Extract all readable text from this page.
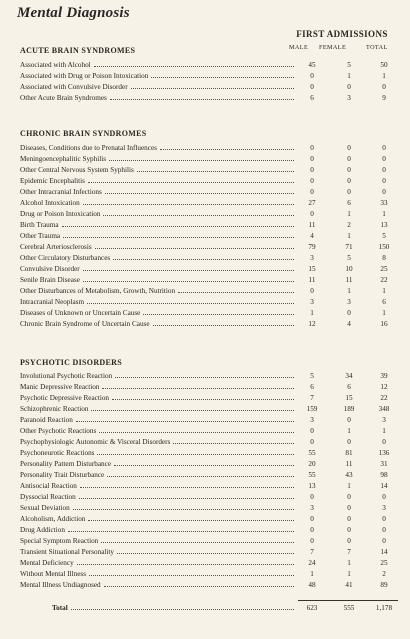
Mental Diagnosis
FIRST ADMISSIONS
MALE FEMALE	TOTAL
ACUTE BRAIN SYNDROMES
Associated with Alcohol	45	5	50
Associated with Drug or Poison Intoxication	0	1	1
Associated with Convulsive Disorder	0	0	0
Other Acute Brain Syndromes	6	3	9
CHRONIC BRAIN SYNDROMES
Diseases, Conditions due to Prenatal Influences	0	0	0
Meningoencephalitic Syphilis	0	0	0
Other Central Nervous System Syphilis	0	0	0
Epidemic Encephalitis	0	0	0
Other Intracranial Infections	0	0	0
Alcohol Intoxication	27	6	33
Drug or Poison Intoxication	0	1	1
Birth Trauma	11	2	13
Other Trauma	4	1	5
Cerebral Arteriosclerosis	79	71	150
Other Circulatory Disturbances	3	5	8
Convulsive Disorder	15	10	25
Senile Brain Disease	11	11	22
Other Disturbances of Metabolism, Growth, Nutrition	0	1	1
Intracranial Neoplasm	3	3	6
Diseases of Unknown or Uncertain Cause	1	0	1
Chronic Brain Syndrome of Uncertain Cause	12	4	16
PSYCHOTIC DISORDERS
Involutional Psychotic Reaction	5	34	39
Manic Depressive Reaction	6	6	12
Psychotic Depressive Reaction	7	15	22
Schizophrenic Reaction	159	189	348
Paranoid Reaction	3	0	3
Other Psychotic Reactions	0	1	1
Psychophysiologic Autonomic & Visceral Disorders	0	0	0
Psychoneurotic Reactions	55	81	136
Personality Pattern Disturbance	20	11	31
Personality Trait Disturbance	55	43	98
Antisocial Reaction	13	1	14
Dyssocial Reaction	0	0	0
Sexual Deviation	3	0	3
Alcoholism, Addiction	0	0	0
Drug Addiction	0	0	0
Special Symptom Reaction	0	0	0
Transient Situational Personality	7	7	14
Mental Deficiency	24	1	25
Without Mental Illness	1	1	2
Mental Illness Undiagnosed	48	41	89
Total	623	555	1,178
